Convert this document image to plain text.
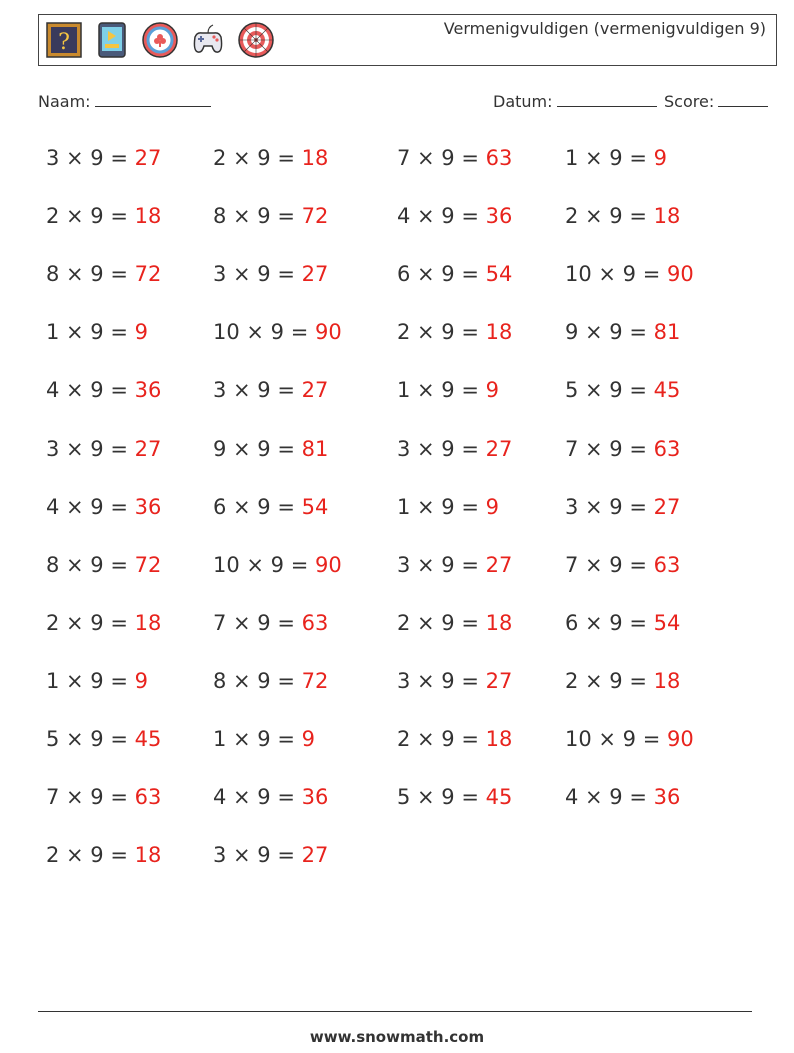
?
Vermenigvuldigen (vermenigvuldigen 9)
Naam:	Datum:	Score:
3 × 9 = 27
2 × 9 = 18
8 × 9 = 72
1 × 9 = 9
4 × 9 = 36
3 × 9 = 27
4 × 9 = 36
8 × 9 = 72
2 × 9 = 18
1 × 9 = 9
5 × 9 = 45
7 × 9 = 63
2 × 9 = 18
2 × 9 = 18
8 × 9 = 72
3 × 9 = 27
10 × 9 = 90
3 × 9 = 27
9 × 9 = 81
6 × 9 = 54
10 × 9 = 90
7 × 9 = 63
8 × 9 = 72
1 × 9 = 9
4 × 9 = 36
3 × 9 = 27
7 × 9 = 63
4 × 9 = 36
6 × 9 = 54
2 × 9 = 18
1 × 9 = 9
3 × 9 = 27
1 × 9 = 9
3 × 9 = 27
2 × 9 = 18
3 × 9 = 27
2 × 9 = 18
5 × 9 = 45
1 × 9 = 9
2 × 9 = 18
10 × 9 = 90
9 × 9 = 81
5 × 9 = 45
7 × 9 = 63
3 × 9 = 27
7 × 9 = 63
6 × 9 = 54
2 × 9 = 18
10 × 9 = 90
4 × 9 = 36
www.snowmath.com
